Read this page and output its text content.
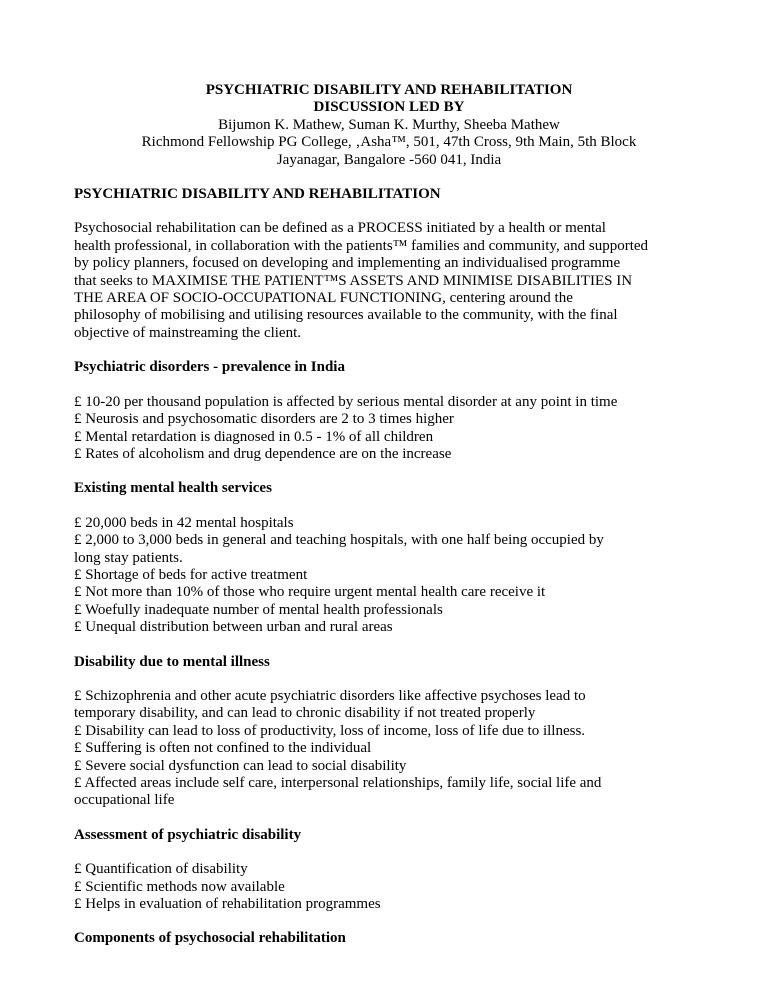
PSYCHIATRIC DISABILITY AND REHABILITATION
DISCUSSION LED BY
Bijumon K. Mathew, Suman K. Murthy, Sheeba Mathew
Richmond Fellowship PG College, ‚Asha™, 501, 47th Cross, 9th Main, 5th Block
Jayanagar, Bangalore -560 041, India
PSYCHIATRIC DISABILITY AND REHABILITATION

Psychosocial rehabilitation can be defined as a PROCESS initiated by a health or mental
health professional, in collaboration with the patients™ families and community, and supported
by policy planners, focused on developing and implementing an individualised programme
that seeks to MAXIMISE THE PATIENT™S ASSETS AND MINIMISE DISABILITIES IN
THE AREA OF SOCIO-OCCUPATIONAL FUNCTIONING, centering around the
philosophy of mobilising and utilising resources available to the community, with the final
objective of mainstreaming the client.

Psychiatric disorders - prevalence in India
£ 10-20 per thousand population is affected by serious mental disorder at any point in time
£ Neurosis and psychosomatic disorders are 2 to 3 times higher
£ Mental retardation is diagnosed in 0.5 - 1% of all children
£ Rates of alcoholism and drug dependence are on the increase
Existing mental health services
£ 20,000 beds in 42 mental hospitals
£ 2,000 to 3,000 beds in general and teaching hospitals, with one half being occupied by
long stay patients.
£ Shortage of beds for active treatment
£ Not more than 10% of those who require urgent mental health care receive it
£ Woefully inadequate number of mental health professionals
£ Unequal distribution between urban and rural areas
Disability due to mental illness
£ Schizophrenia and other acute psychiatric disorders like affective psychoses lead to
temporary disability, and can lead to chronic disability if not treated properly
£ Disability can lead to loss of productivity, loss of income, loss of life due to illness.
£ Suffering is often not confined to the individual
£ Severe social dysfunction can lead to social disability
£ Affected areas include self care, interpersonal relationships, family life, social life and
occupational life
Assessment of psychiatric disability
£ Quantification of disability
£ Scientific methods now available
£ Helps in evaluation of rehabilitation programmes
Components of psychosocial rehabilitation
